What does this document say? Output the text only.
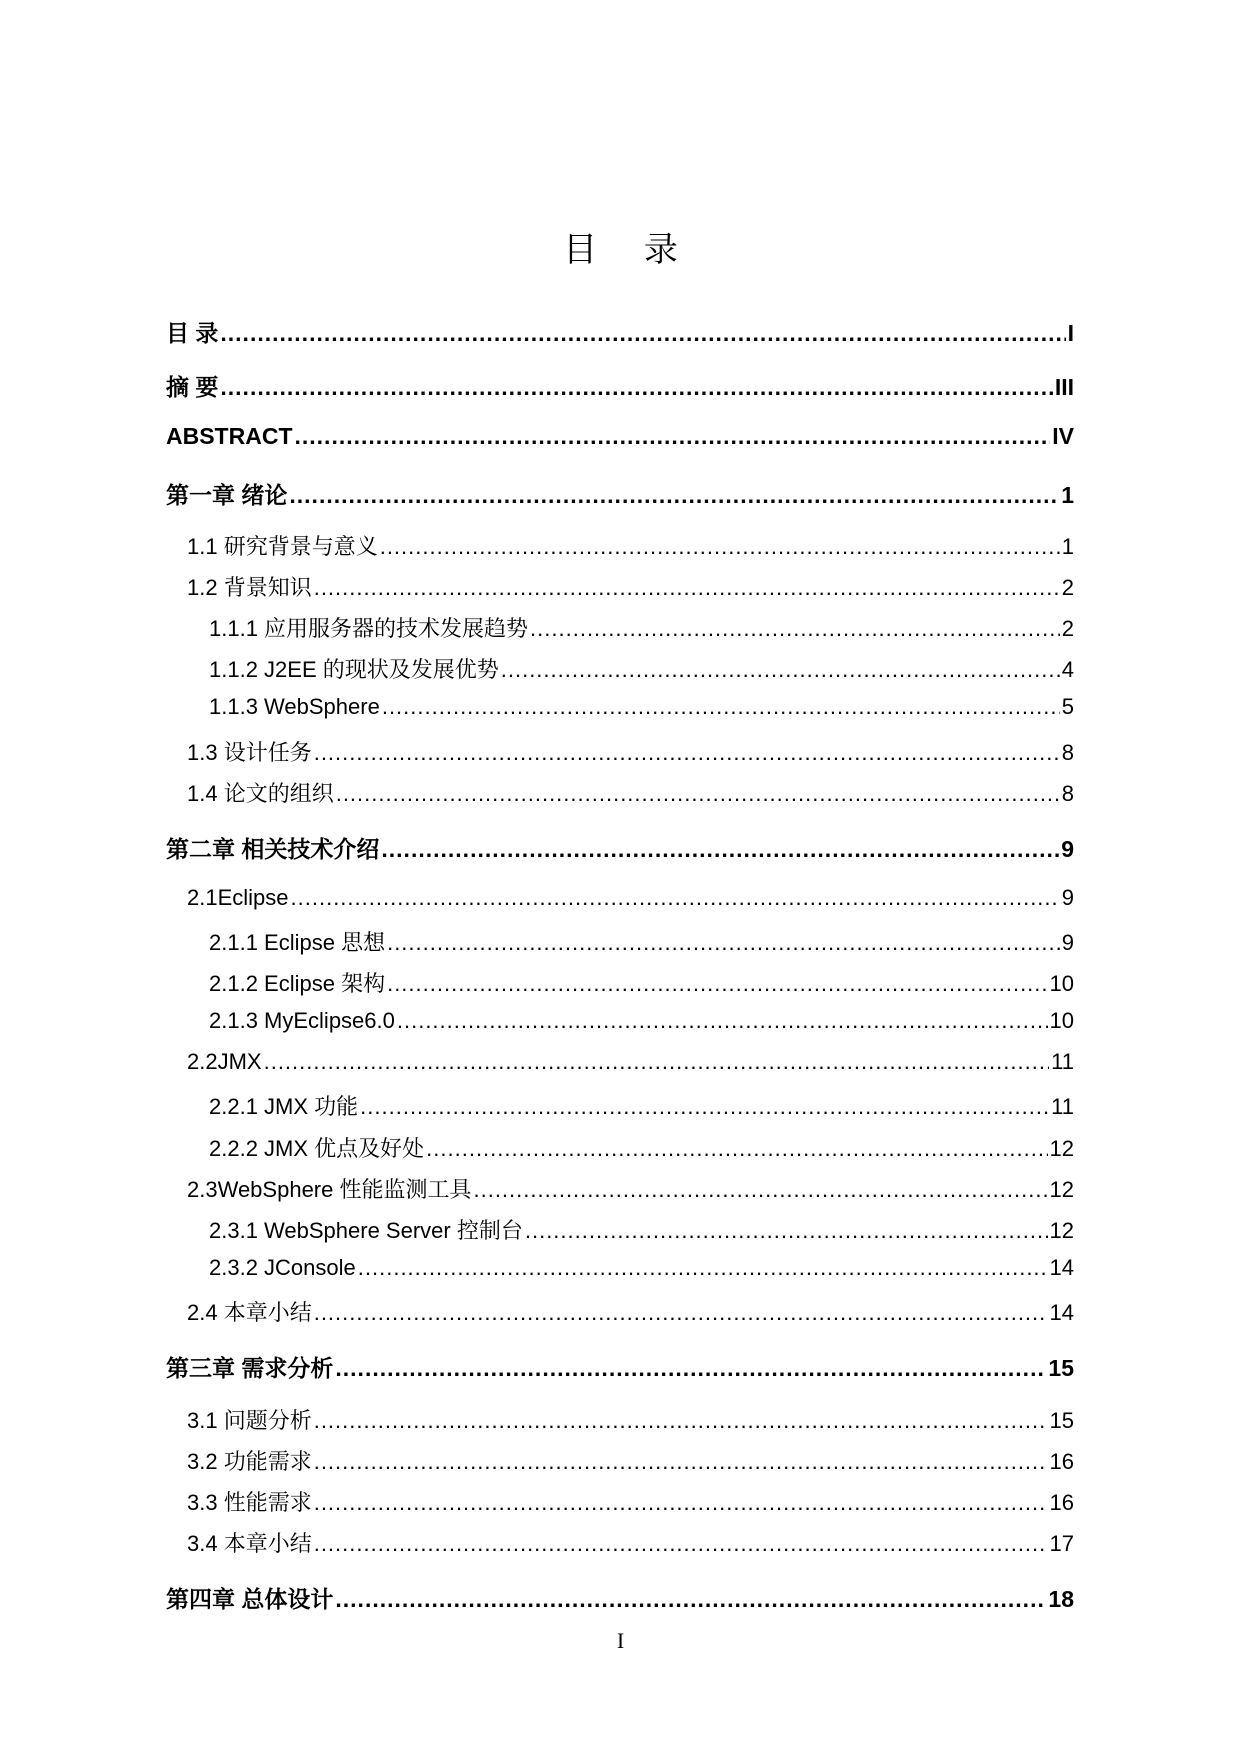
目 录
目 录 .....	I
摘 要 .....	III
ABSTRACT .....	IV
第一章 绪论 .....	1
1.1 研究背景与意义 .....	1
1.2 背景知识 .....	2
1.1.1 应用服务器的技术发展趋势 .....	2
1.1.2 J2EE 的现状及发展优势 .....	4
1.1.3 WebSphere .....	5
1.3 设计任务 .....	8
1.4 论文的组织 .....	8
第二章 相关技术介绍 .....	9
2.1Eclipse .....	9
2.1.1 Eclipse 思想 .....	9
2.1.2 Eclipse 架构 .....	10
2.1.3 MyEclipse6.0 .....	10
2.2JMX .....	11
2.2.1 JMX 功能 .....	11
2.2.2 JMX 优点及好处 .....	12
2.3WebSphere 性能监测工具 .....	12
2.3.1 WebSphere Server 控制台 .....	12
2.3.2 JConsole .....	14
2.4 本章小结 .....	14
第三章 需求分析 .....	15
3.1 问题分析 .....	15
3.2 功能需求 .....	16
3.3 性能需求 .....	16
3.4 本章小结 .....	17
第四章 总体设计 .....	18
I
